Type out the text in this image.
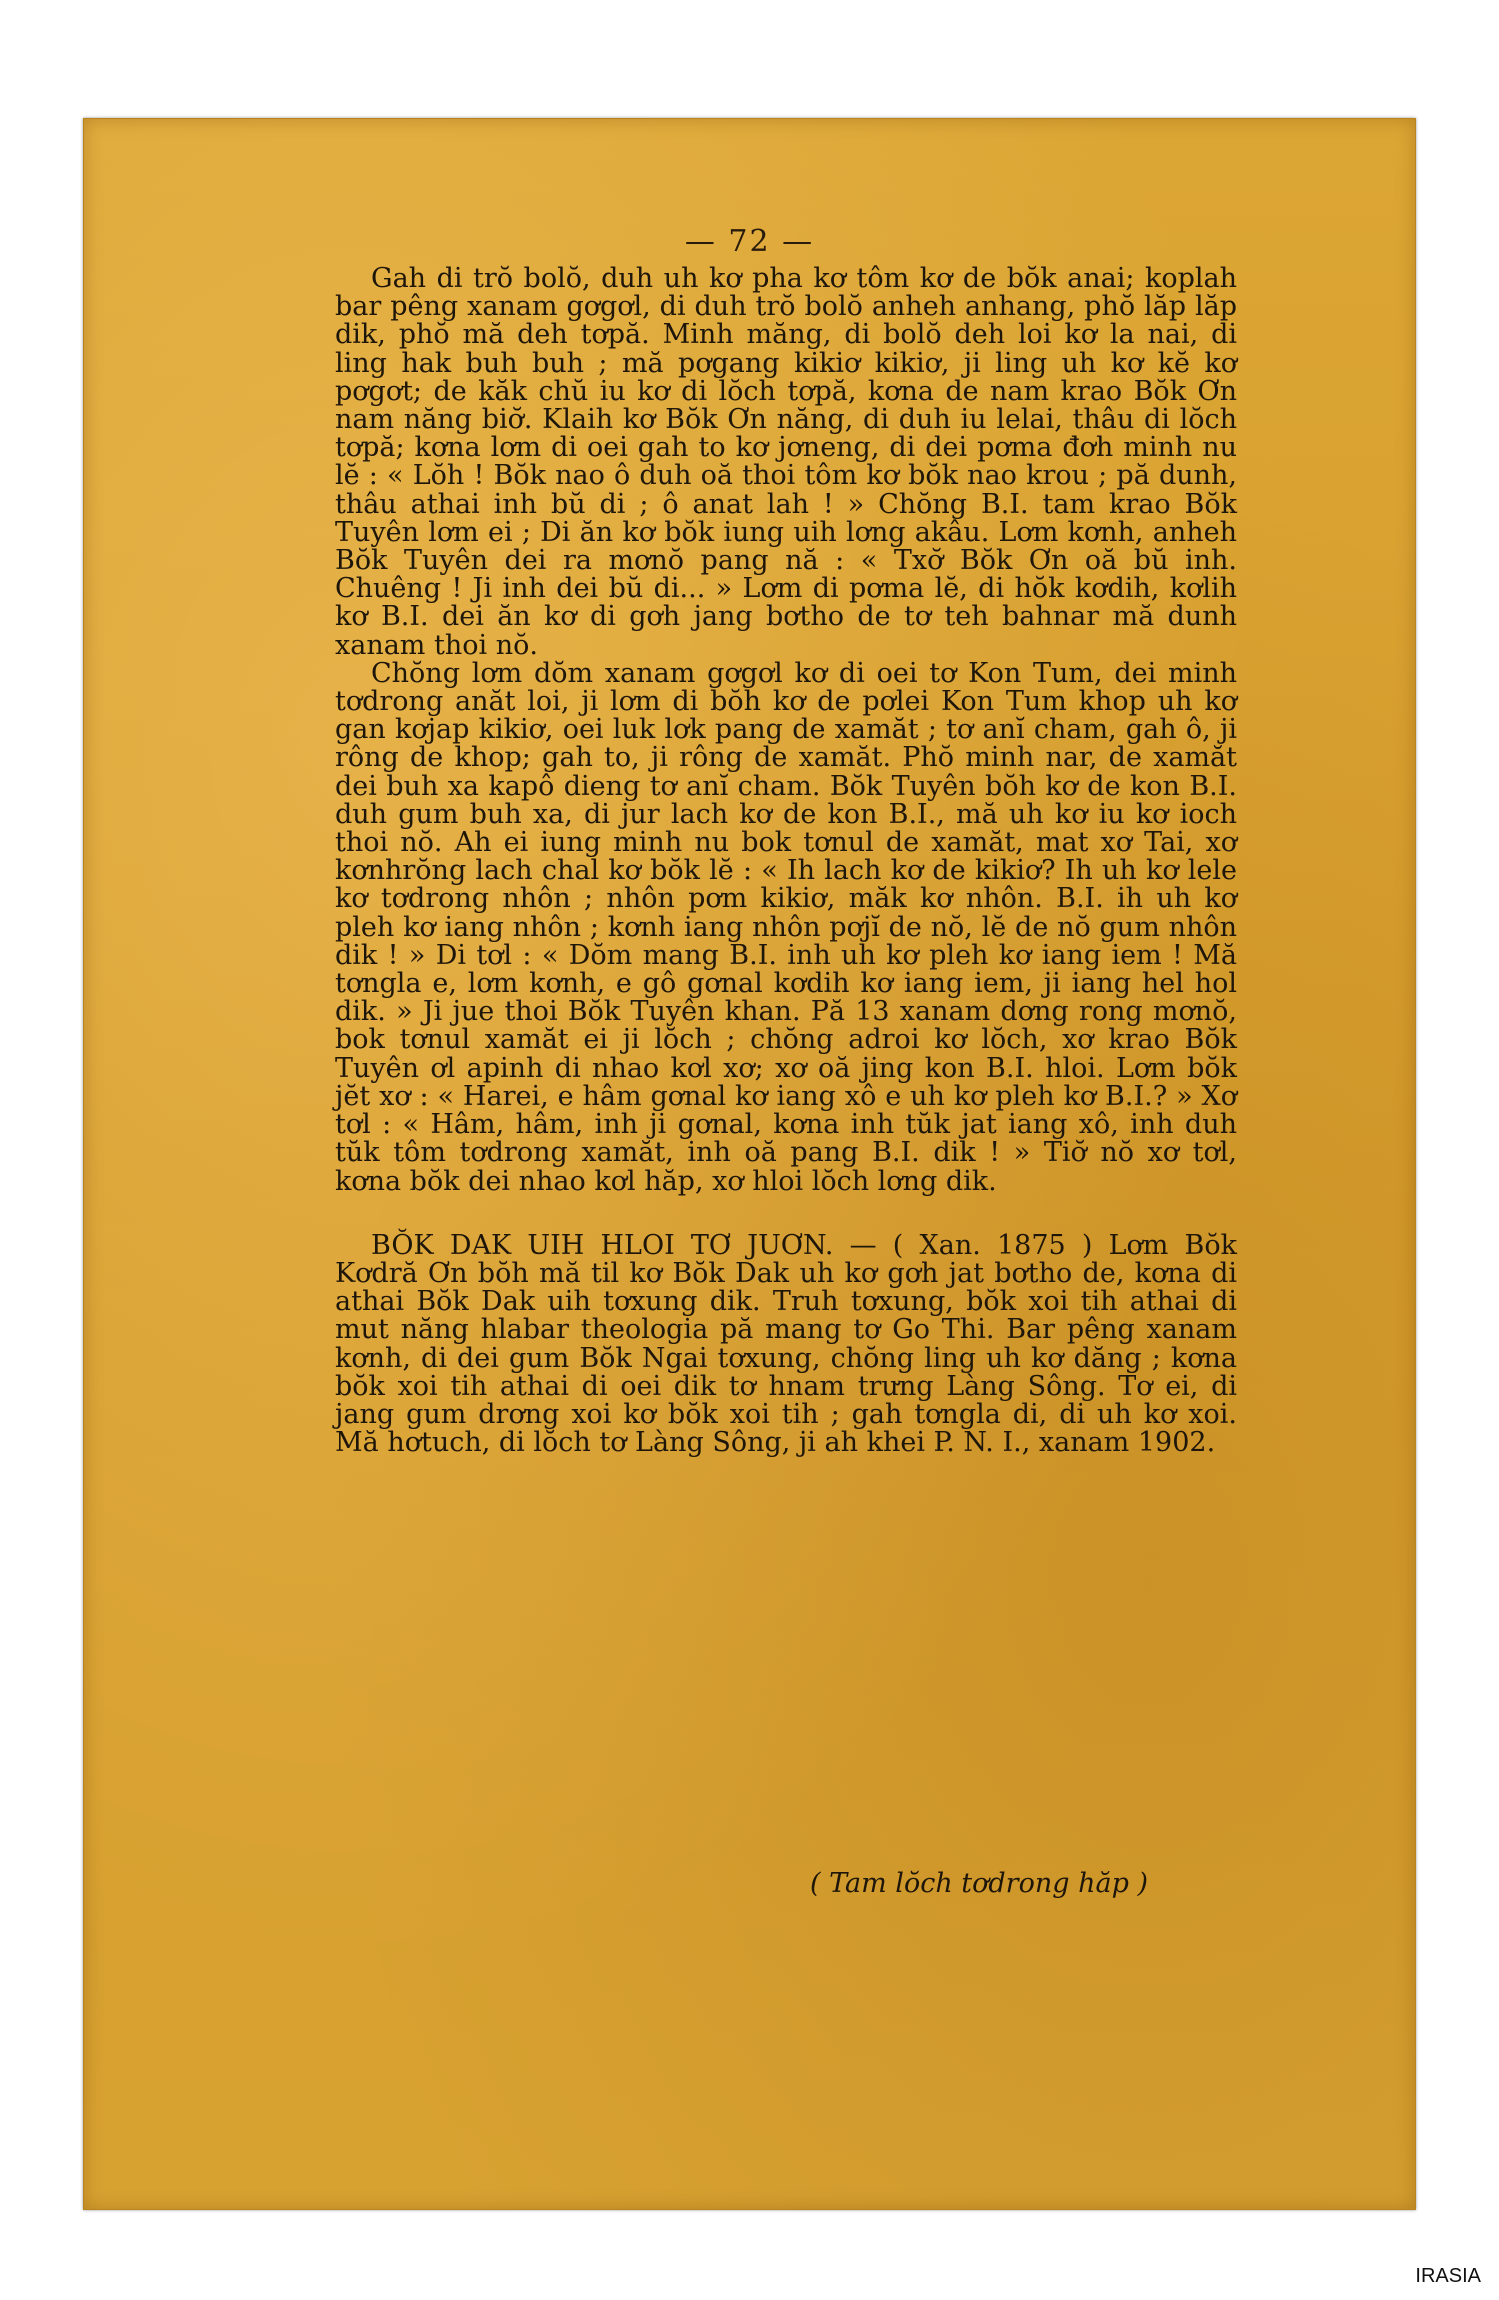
— 72 —

Gah di trŏ bolŏ, duh uh kơ pha kơ tôm kơ de bŏk anai; koplah bar pêng xanam gơgơl, di duh trŏ bolŏ anheh anhang, phŏ lăp lăp dik, phŏ mă deh tơpă. Minh măng, di bolŏ deh loi kơ la nai, di ling hak buh buh ; mă pơgang kikiơ kikiơ, ji ling uh kơ kĕ kơ pơgơt; de kăk chŭ iu kơ di lŏch tơpă, kơna de nam krao Bŏk Ơn nam năng biơ̆. Klaih kơ Bŏk Ơn năng, di duh iu lelai, thâu di lŏch tơpă; kơna lơm di oei gah to kơ jơneng, di dei pơma đơh minh nu lĕ : « Lŏh ! Bŏk nao ô duh oă thoi tôm kơ bŏk nao krou ; pă dunh, thâu athai inh bŭ di ; ô anat lah ! » Chŏng B.I. tam krao Bŏk Tuyên lơm ei ; Di ăn kơ bŏk iung uih lơng akâu. Lơm kơnh, anheh Bŏk Tuyên dei ra mơnŏ pang nă : « Txơ̆ Bŏk Ơn oă bŭ inh. Chuêng ! Ji inh dei bŭ di... » Lơm di pơma lĕ, di hŏk kơdih, kơlih kơ B.I. dei ăn kơ di gơh jang bơtho de tơ teh bahnar mă dunh xanam thoi nŏ.

Chŏng lơm dŏm xanam gơgơl kơ di oei tơ Kon Tum, dei minh tơdrong anăt loi, ji lơm di bŏh kơ de pơlei Kon Tum khop uh kơ gan kơjap kikiơ, oei luk lơk pang de xamăt ; tơ anĭ cham, gah ô, ji rông de khop; gah to, ji rông de xamăt. Phŏ minh nar, de xamăt dei buh xa kapô dieng tơ anĭ cham. Bŏk Tuyên bŏh kơ de kon B.I. duh gum buh xa, di jur lach kơ de kon B.I., mă uh kơ iu kơ ioch thoi nŏ. Ah ei iung minh nu bok tơnul de xamăt, mat xơ Tai, xơ kơnhrŏng lach chal kơ bŏk lĕ : « Ih lach kơ de kikiơ? Ih uh kơ lele kơ tơdrong nhôn ; nhôn pơm kikiơ, măk kơ nhôn. B.I. ih uh kơ pleh kơ iang nhôn ; kơnh iang nhôn pơjĭ de nŏ, lĕ de nŏ gum nhôn dik ! » Di tơl : « Dŏm mang B.I. inh uh kơ pleh kơ iang iem ! Mă tơngla e, lơm kơnh, e gô gơnal kơdih kơ iang iem, ji iang hel hol dik. » Ji jue thoi Bŏk Tuyên khan. Pă 13 xanam dơng rong mơnŏ, bok tơnul xamăt ei ji lŏch ; chŏng adroi kơ lŏch, xơ krao Bŏk Tuyên ơl apinh di nhao kơl xơ; xơ oă jing kon B.I. hloi. Lơm bŏk jĕt xơ : « Harei, e hâm gơnal kơ iang xô e uh kơ pleh kơ B.I.? » Xơ tơl : « Hâm, hâm, inh ji gơnal, kơna inh tŭk jat iang xô, inh duh tŭk tôm tơdrong xamăt, inh oă pang B.I. dik ! » Tiơ̆ nŏ xơ tơl, kơna bŏk dei nhao kơl hăp, xơ hloi lŏch lơng dik.

BŎK DAK UIH HLOI TƠ JUƠN. — ( Xan. 1875 ) Lơm Bŏk Kơdră Ơn bŏh mă til kơ Bŏk Dak uh kơ gơh jat bơtho de, kơna di athai Bŏk Dak uih tơxung dik. Truh tơxung, bŏk xoi tih athai di mut năng hlabar theologia pă mang tơ Go Thi. Bar pêng xanam kơnh, di dei gum Bŏk Ngai tơxung, chŏng ling uh kơ dăng ; kơna bŏk xoi tih athai di oei dik tơ hnam trưng Làng Sông. Tơ ei, di jang gum drơng xoi kơ bŏk xoi tih ; gah tơngla di, di uh kơ xoi. Mă hơtuch, di lŏch tơ Làng Sông, ji ah khei P. N. I., xanam 1902.

( Tam lŏch tơdrong hăp )
IRASIA
